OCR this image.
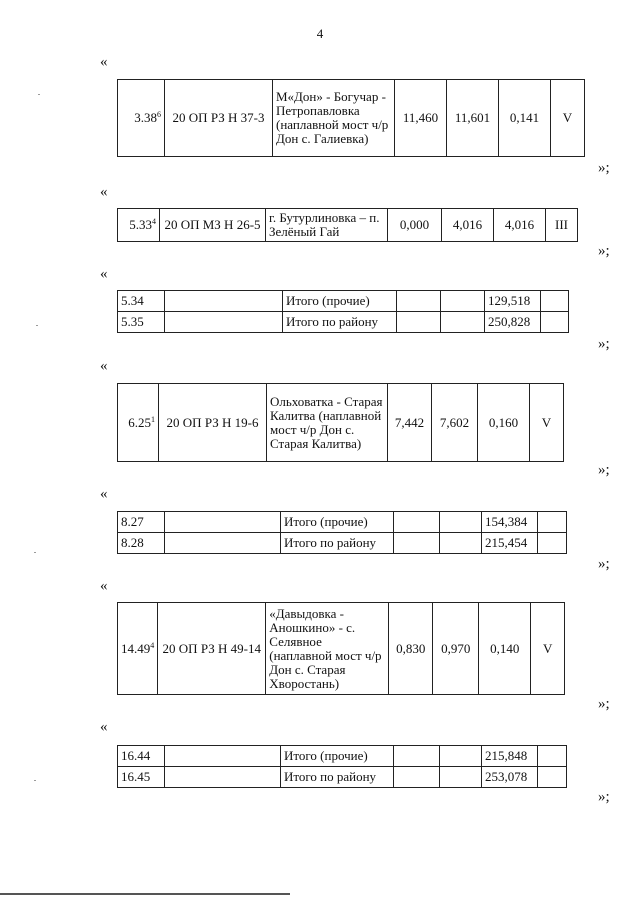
4
«
3.38$^6$	20 ОП РЗ Н 37-3	М«Дон» - Богучар - Петропавловка (наплавной мост ч/р Дон с. Галиевка)	11,460	11,601	0,141	V
»;
«
5.33$^4$	20 ОП МЗ Н 26-5	г. Бутурлиновка – п. Зелёный Гай	0,000	4,016	4,016	III
»;
«
5.34		Итого (прочие)			129,518	
5.35		Итого по району			250,828	
»;
«
6.25$^1$	20 ОП РЗ Н 19-6	Ольховатка - Старая Калитва (наплавной мост ч/р Дон с. Старая Калитва)	7,442	7,602	0,160	V
»;
«
8.27		Итого (прочие)			154,384	
8.28		Итого по району			215,454	
»;
«
14.49$^4$	20 ОП РЗ Н 49-14	«Давыдовка - Аношкино» - с. Селявное (наплавной мост ч/р Дон с. Старая Хворостань)	0,830	0,970	0,140	V
»;
«
16.44		Итого (прочие)			215,848	
16.45		Итого по району			253,078	
»;
